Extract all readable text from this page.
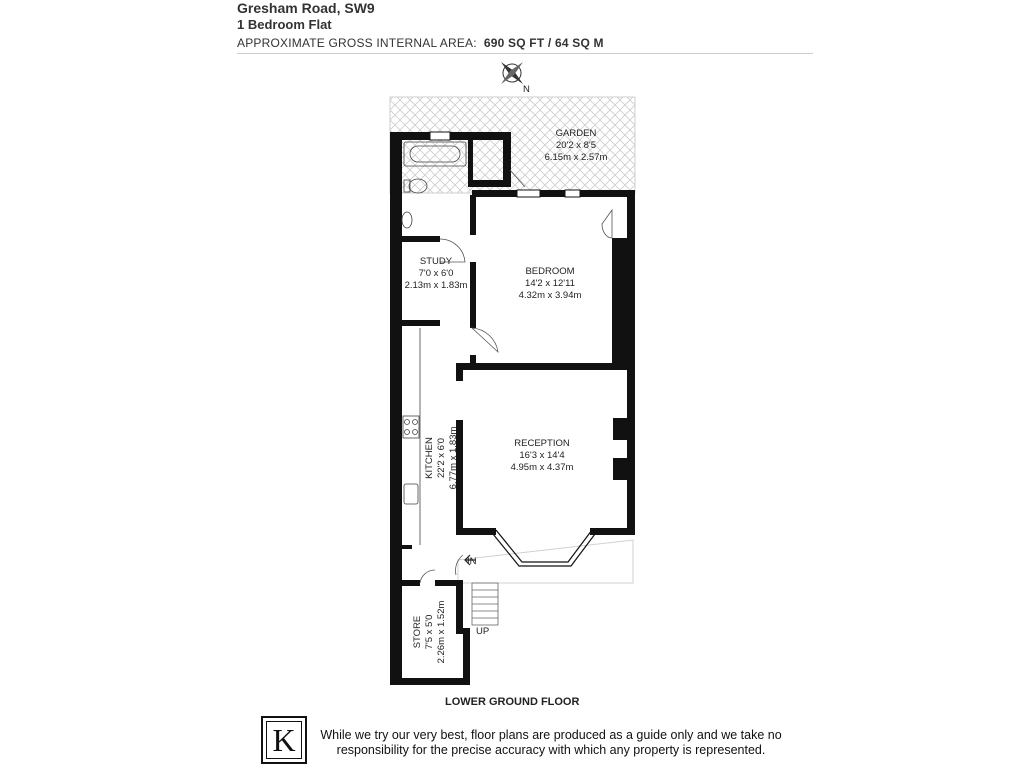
Gresham Road, SW9
1 Bedroom Flat
APPROXIMATE GROSS INTERNAL AREA: 690 SQ FT / 64 SQ M
N
GARDEN
20'2 x 8'5
6.15m x 2.57m
STUDY
7'0 x 6'0
2.13m x 1.83m
BEDROOM
14'2 x 12'11
4.32m x 3.94m
KITCHEN 22'2 x 6'0 6.77m x 1.83m	RECEPTION
16'3 x 14'4
4.95m x 4.37m
STORE 7'5 x 5'0 2.26m x 1.52m
IN
UP
LOWER GROUND FLOOR
K	While we try our very best, floor plans are produced as a guide only and we take no responsibility for the precise accuracy with which any property is represented.
